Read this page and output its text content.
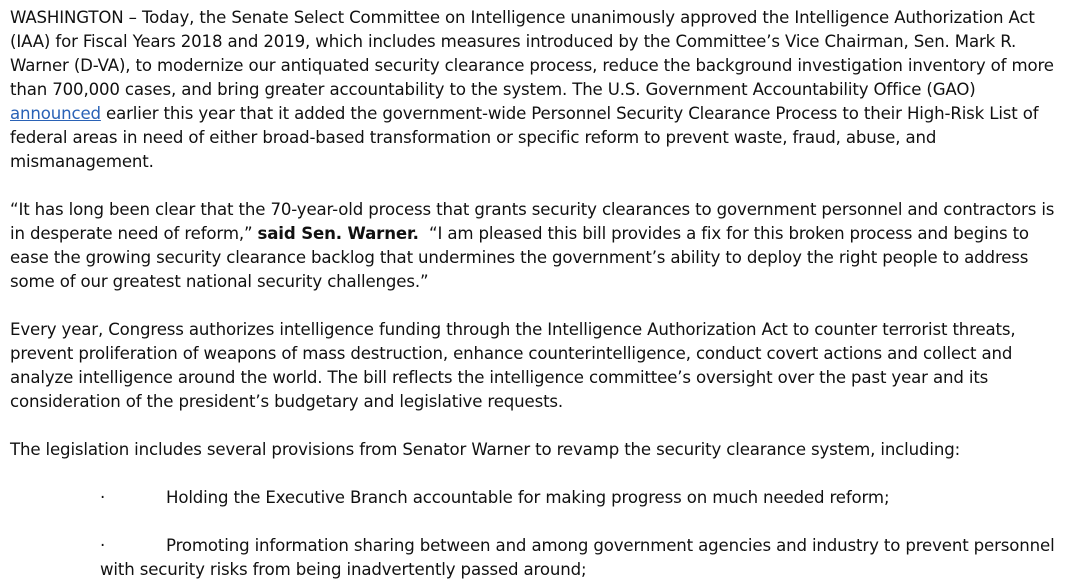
WASHINGTON – Today, the Senate Select Committee on Intelligence unanimously approved the Intelligence Authorization Act (IAA) for Fiscal Years 2018 and 2019, which includes measures introduced by the Committee’s Vice Chairman, Sen. Mark R. Warner (D-VA), to modernize our antiquated security clearance process, reduce the background investigation inventory of more than 700,000 cases, and bring greater accountability to the system. The U.S. Government Accountability Office (GAO) announced earlier this year that it added the government-wide Personnel Security Clearance Process to their High-Risk List of federal areas in need of either broad-based transformation or specific reform to prevent waste, fraud, abuse, and mismanagement.

“It has long been clear that the 70-year-old process that grants security clearances to government personnel and contractors is in desperate need of reform,” said Sen. Warner. “I am pleased this bill provides a fix for this broken process and begins to ease the growing security clearance backlog that undermines the government’s ability to deploy the right people to address some of our greatest national security challenges.”

Every year, Congress authorizes intelligence funding through the Intelligence Authorization Act to counter terrorist threats, prevent proliferation of weapons of mass destruction, enhance counterintelligence, conduct covert actions and collect and analyze intelligence around the world. The bill reflects the intelligence committee’s oversight over the past year and its consideration of the president’s budgetary and legislative requests.

The legislation includes several provisions from Senator Warner to revamp the security clearance system, including:

·	Holding the Executive Branch accountable for making progress on much needed reform;
·	Promoting information sharing between and among government agencies and industry to prevent personnel with security risks from being inadvertently passed around;
